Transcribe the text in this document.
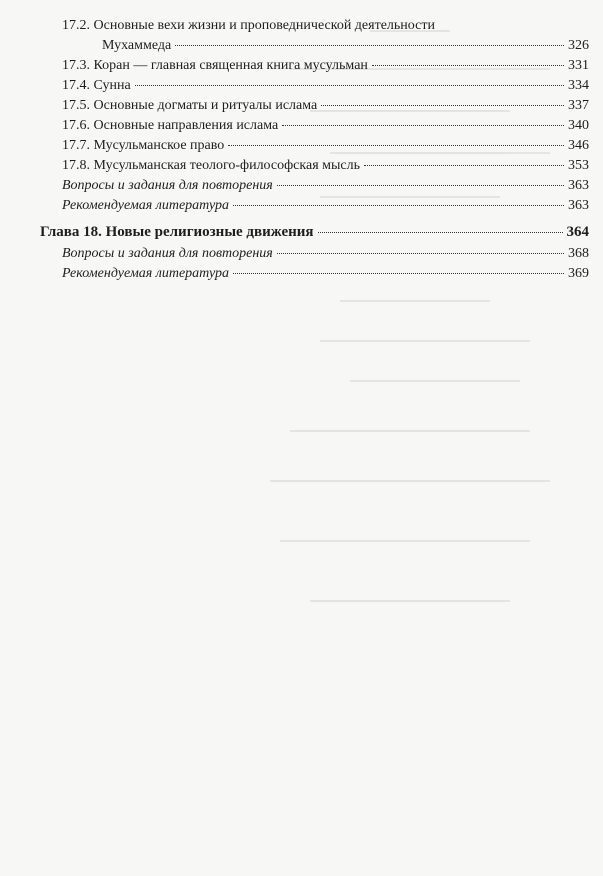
17.2. Основные вехи жизни и проповеднической деятельности
Мухаммеда	326
17.3. Коран — главная священная книга мусульман	331
17.4. Сунна	334
17.5. Основные догматы и ритуалы ислама	337
17.6. Основные направления ислама	340
17.7. Мусульманское право	346
17.8. Мусульманская теолого-философская мысль	353
Вопросы и задания для повторения	363
Рекомендуемая литература	363
Глава 18. Новые религиозные движения	364
Вопросы и задания для повторения	368
Рекомендуемая литература	369
